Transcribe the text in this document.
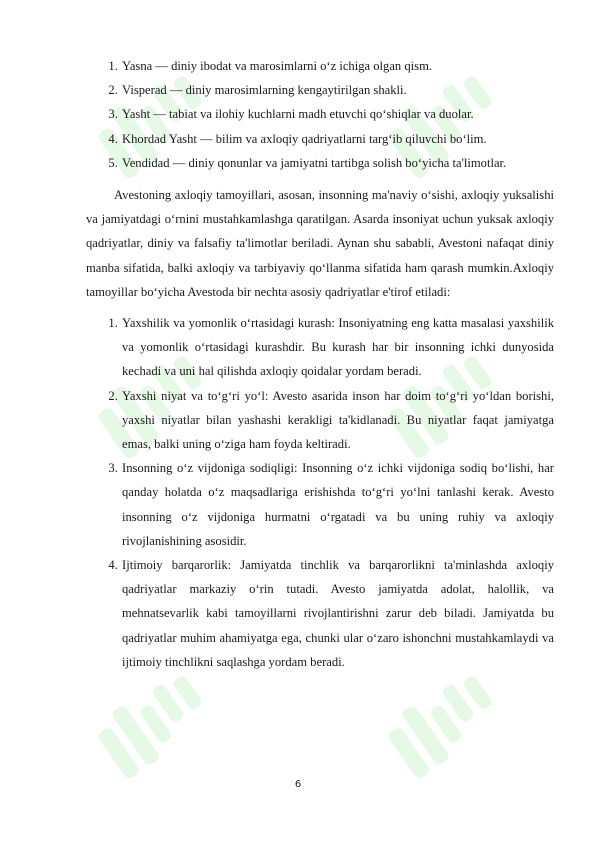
1. Yasna — diniy ibodat va marosimlarni o‘z ichiga olgan qism.
2. Visperad — diniy marosimlarning kengaytirilgan shakli.
3. Yasht — tabiat va ilohiy kuchlarni madh etuvchi qo‘shiqlar va duolar.
4. Khordad Yasht — bilim va axloqiy qadriyatlarni targ‘ib qiluvchi bo‘lim.
5. Vendidad — diniy qonunlar va jamiyatni tartibga solish bo‘yicha ta'limotlar.

Avestoning axloqiy tamoyillari, asosan, insonning ma'naviy o‘sishi, axloqiy yuksalishi va jamiyatdagi o‘rnini mustahkamlashga qaratilgan. Asarda insoniyat uchun yuksak axloqiy qadriyatlar, diniy va falsafiy ta'limotlar beriladi. Aynan shu sababli, Avestoni nafaqat diniy manba sifatida, balki axloqiy va tarbiyaviy qo‘llanma sifatida ham qarash mumkin.Axloqiy tamoyillar bo‘yicha Avestoda bir nechta asosiy qadriyatlar e'tirof etiladi:

1. Yaxshilik va yomonlik o‘rtasidagi kurash: Insoniyatning eng katta masalasi yaxshilik va yomonlik o‘rtasidagi kurashdir. Bu kurash har bir insonning ichki dunyosida kechadi va uni hal qilishda axloqiy qoidalar yordam beradi.
2. Yaxshi niyat va to‘g‘ri yo‘l: Avesto asarida inson har doim to‘g‘ri yo‘ldan borishi, yaxshi niyatlar bilan yashashi kerakligi ta'kidlanadi. Bu niyatlar faqat jamiyatga emas, balki uning o‘ziga ham foyda keltiradi.
3. Insonning o‘z vijdoniga sodiqligi: Insonning o‘z ichki vijdoniga sodiq bo‘lishi, har qanday holatda o‘z maqsadlariga erishishda to‘g‘ri yo‘lni tanlashi kerak. Avesto insonning o‘z vijdoniga hurmatni o‘rgatadi va bu uning ruhiy va axloqiy rivojlanishining asosidir.
4. Ijtimoiy barqarorlik: Jamiyatda tinchlik va barqarorlikni ta'minlashda axloqiy qadriyatlar markaziy o‘rin tutadi. Avesto jamiyatda adolat, halollik, va mehnatsevarlik kabi tamoyillarni rivojlantirishni zarur deb biladi. Jamiyatda bu qadriyatlar muhim ahamiyatga ega, chunki ular o‘zaro ishonchni mustahkamlaydi va ijtimoiy tinchlikni saqlashga yordam beradi.
6
